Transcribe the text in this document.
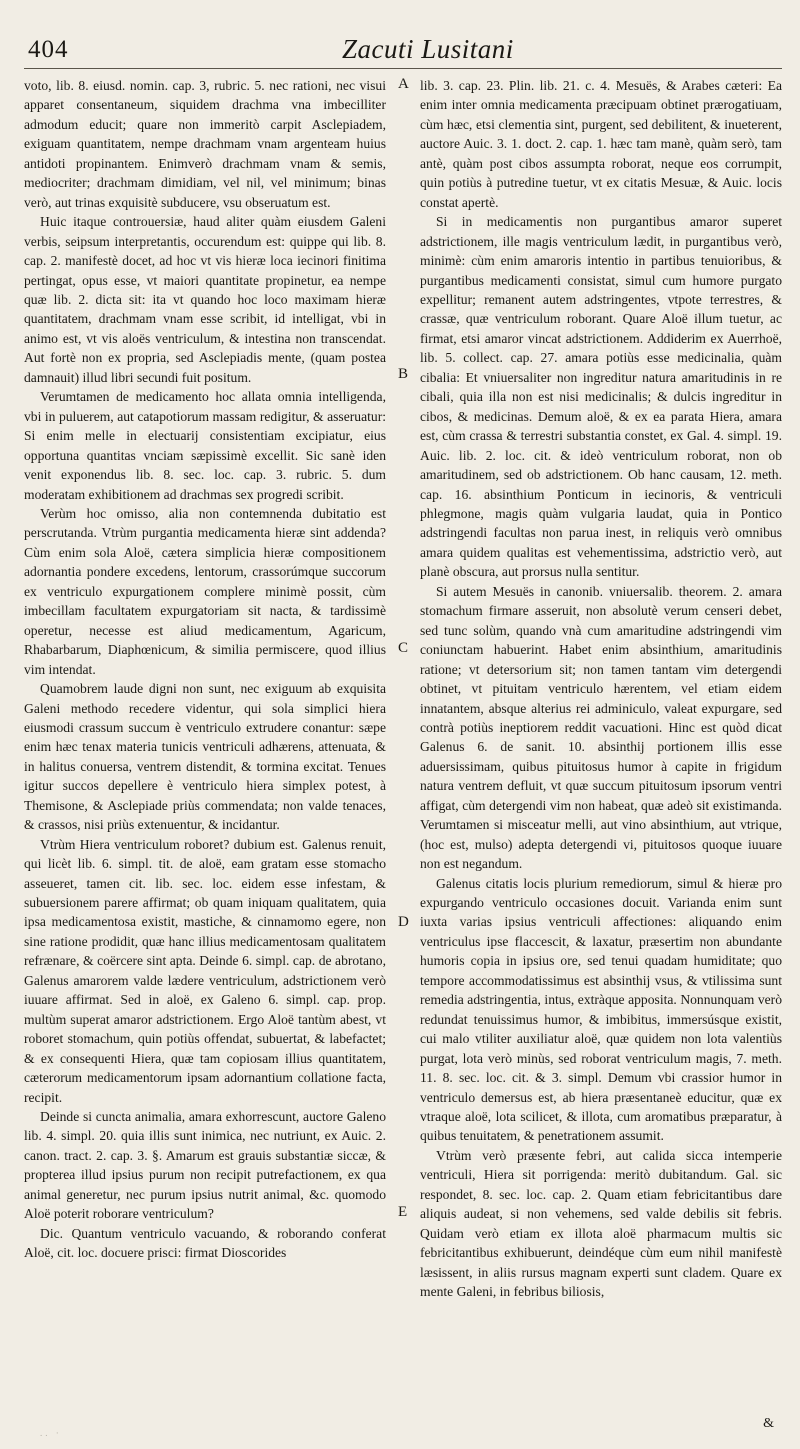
404	Zacuti Lusitani

voto, lib. 8. eiusd. nomin. cap. 3, rubric. 5. nec rationi, nec visui apparet consentaneum, siquidem drachma vna imbecilliter admodum educit; quare non immeritò carpit Asclepiadem, exiguam quantitatem, nempe drachmam vnam argenteam huius antidoti propinantem. Enimverò drachmam vnam & semis, mediocriter; drachmam dimidiam, vel nil, vel minimum; binas verò, aut trinas exquisitè subducere, vsu obseruatum est.

Huic itaque controuersiæ, haud aliter quàm eiusdem Galeni verbis, seipsum interpretantis, occurendum est: quippe qui lib. 8. cap. 2. manifestè docet, ad hoc vt vis hieræ loca iecinori finitima pertingat, opus esse, vt maiori quantitate propinetur, ea nempe quæ lib. 2. dicta sit: ita vt quando hoc loco maximam hieræ quantitatem, drachmam vnam esse scribit, id intelligat, vbi in animo est, vt vis aloës ventriculum, & intestina non transcendat. Aut fortè non ex propria, sed Asclepiadis mente, (quam postea damnauit) illud libri secundi fuit positum.

Verumtamen de medicamento hoc allata omnia intelligenda, vbi in puluerem, aut catapotiorum massam redigitur, & asseruatur: Si enim melle in electuarij consistentiam excipiatur, eius opportuna quantitas vnciam sæpissimè excellit. Sic sanè iden venit exponendus lib. 8. sec. loc. cap. 3. rubric. 5. dum moderatam exhibitionem ad drachmas sex progredi scribit.

Verùm hoc omisso, alia non contemnenda dubitatio est perscrutanda. Vtrùm purgantia medicamenta hieræ sint addenda? Cùm enim sola Aloë, cætera simplicia hieræ compositionem adornantia pondere excedens, lentorum, crassorúmque succorum ex ventriculo expurgationem complere minimè possit, cùm imbecillam facultatem expurgatoriam sit nacta, & tardissimè operetur, necesse est aliud medicamentum, Agaricum, Rhabarbarum, Diaphœnicum, & similia permiscere, quod illius vim intendat.

Quamobrem laude digni non sunt, nec exiguum ab exquisita Galeni methodo recedere videntur, qui sola simplici hiera eiusmodi crassum succum è ventriculo extrudere conantur: sæpe enim hæc tenax materia tunicis ventriculi adhærens, attenuata, & in halitus conuersa, ventrem distendit, & tormina excitat. Tenues igitur succos depellere è ventriculo hiera simplex potest, à Themisone, & Asclepiade priùs commendata; non valde tenaces, & crassos, nisi priùs extenuentur, & incidantur.

Vtrùm Hiera ventriculum roboret? dubium est. Galenus renuit, qui licèt lib. 6. simpl. tit. de aloë, eam gratam esse stomacho asseueret, tamen cit. lib. sec. loc. eidem esse infestam, & subuersionem parere affirmat; ob quam iniquam qualitatem, quia ipsa medicamentosa existit, mastiche, & cinnamomo egere, non sine ratione prodidit, quæ hanc illius medicamentosam qualitatem refrænare, & coërcere sint apta. Deinde 6. simpl. cap. de abrotano, Galenus amarorem valde lædere ventriculum, adstrictionem verò iuuare affirmat. Sed in aloë, ex Galeno 6. simpl. cap. prop. multùm superat amaror adstrictionem. Ergo Aloë tantùm abest, vt roboret stomachum, quin potiùs offendat, subuertat, & labefactet; & ex consequenti Hiera, quæ tam copiosam illius quantitatem, cæterorum medicamentorum ipsam adornantium collatione facta, recipit.

Deinde si cuncta animalia, amara exhorrescunt, auctore Galeno lib. 4. simpl. 20. quia illis sunt inimica, nec nutriunt, ex Auic. 2. canon. tract. 2. cap. 3. §. Amarum est grauis substantiæ siccæ, & propterea illud ipsius purum non recipit putrefactionem, ex qua animal generetur, nec purum ipsius nutrit animal, &c. quomodo Aloë poterit roborare ventriculum?

Dic. Quantum ventriculo vacuando, & roborando conferat Aloë, cit. loc. docuere prisci: firmat Dioscorides

A
B
C
D
E

lib. 3. cap. 23. Plin. lib. 21. c. 4. Mesuës, & Arabes cæteri: Ea enim inter omnia medicamenta præcipuam obtinet prærogatiuam, cùm hæc, etsi clementia sint, purgent, sed debilitent, & inueterent, auctore Auic. 3. 1. doct. 2. cap. 1. hæc tam manè, quàm serò, tam antè, quàm post cibos assumpta roborat, neque eos corrumpit, quin potiùs à putredine tuetur, vt ex citatis Mesuæ, & Auic. locis constat apertè.

Si in medicamentis non purgantibus amaror superet adstrictionem, ille magis ventriculum lædit, in purgantibus verò, minimè: cùm enim amaroris intentio in partibus tenuioribus, & purgantibus medicamenti consistat, simul cum humore purgato expellitur; remanent autem adstringentes, vtpote terrestres, & crassæ, quæ ventriculum roborant. Quare Aloë illum tuetur, ac firmat, etsi amaror vincat adstrictionem. Addiderim ex Auerrhoë, lib. 5. collect. cap. 27. amara potiùs esse medicinalia, quàm cibalia: Et vniuersaliter non ingreditur natura amaritudinis in re cibali, quia illa non est nisi medicinalis; & dulcis ingreditur in cibos, & medicinas. Demum aloë, & ex ea parata Hiera, amara est, cùm crassa & terrestri substantia constet, ex Gal. 4. simpl. 19. Auic. lib. 2. loc. cit. & ideò ventriculum roborat, non ob amaritudinem, sed ob adstrictionem. Ob hanc causam, 12. meth. cap. 16. absinthium Ponticum in iecinoris, & ventriculi phlegmone, magis quàm vulgaria laudat, quia in Pontico adstringendi facultas non parua inest, in reliquis verò omnibus amara quidem qualitas est vehementissima, adstrictio verò, aut planè obscura, aut prorsus nulla sentitur.

Si autem Mesuës in canonib. vniuersalib. theorem. 2. amara stomachum firmare asseruit, non absolutè verum censeri debet, sed tunc solùm, quando vnà cum amaritudine adstringendi vim coniunctam habuerint. Habet enim absinthium, amaritudinis ratione; vt detersorium sit; non tamen tantam vim detergendi obtinet, vt pituitam ventriculo hærentem, vel etiam eidem innatantem, absque alterius rei adminiculo, valeat expurgare, sed contrà potiùs ineptiorem reddit vacuationi. Hinc est quòd dicat Galenus 6. de sanit. 10. absinthij portionem illis esse aduersissimam, quibus pituitosus humor à capite in frigidum natura ventrem defluit, vt quæ succum pituitosum ipsorum ventri affigat, cùm detergendi vim non habeat, quæ adeò sit existimanda. Verumtamen si misceatur melli, aut vino absinthium, aut vtrique, (hoc est, mulso) adepta detergendi vi, pituitosos quoque iuuare non est negandum.

Galenus citatis locis plurium remediorum, simul & hieræ pro expurgando ventriculo occasiones docuit. Varianda enim sunt iuxta varias ipsius ventriculi affectiones: aliquando enim ventriculus ipse flaccescit, & laxatur, præsertim non abundante humoris copia in ipsius ore, sed tenui quadam humiditate; quo tempore accommodatissimus est absinthij vsus, & vtilissima sunt remedia adstringentia, intus, extràque apposita. Nonnunquam verò redundat tenuissimus humor, & imbibitus, immersúsque existit, cui malo vtiliter auxiliatur aloë, quæ quidem non lota valentiùs purgat, lota verò minùs, sed roborat ventriculum magis, 7. meth. 11. 8. sec. loc. cit. & 3. simpl. Demum vbi crassior humor in ventriculo demersus est, ab hiera præsentaneè educitur, quæ ex vtraque aloë, lota scilicet, & illota, cum aromatibus præparatur, à quibus tenuitatem, & penetrationem assumit.

Vtrùm verò præsente febri, aut calida sicca intemperie ventriculi, Hiera sit porrigenda: meritò dubitandum. Gal. sic respondet, 8. sec. loc. cap. 2. Quam etiam febricitantibus dare aliquis audeat, si non vehemens, sed valde debilis sit febris. Quidam verò etiam ex illota aloë pharmacum multis sic febricitantibus exhibuerunt, deindéque cùm eum nihil manifestè læsissent, in aliis rursus magnam experti sunt cladem. Quare ex mente Galeni, in febribus biliosis,

&
.. ·
